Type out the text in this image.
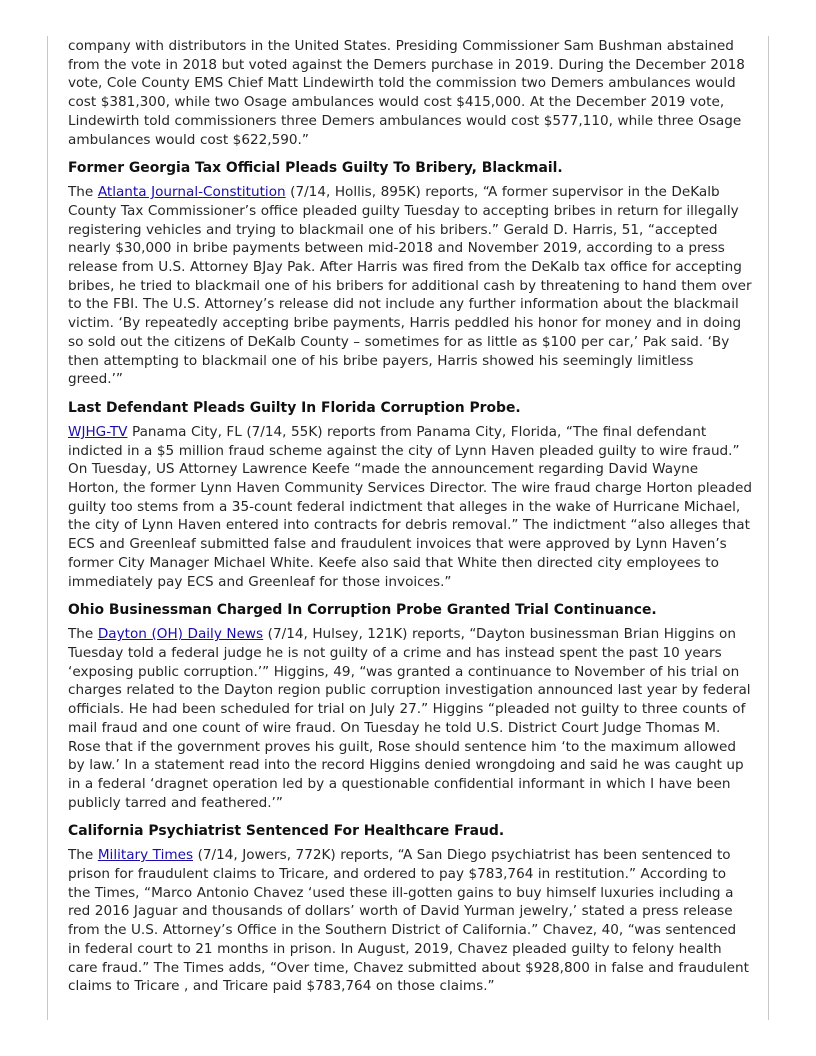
company with distributors in the United States. Presiding Commissioner Sam Bushman abstained from the vote in 2018 but voted against the Demers purchase in 2019. During the December 2018 vote, Cole County EMS Chief Matt Lindewirth told the commission two Demers ambulances would cost $381,300, while two Osage ambulances would cost $415,000. At the December 2019 vote, Lindewirth told commissioners three Demers ambulances would cost $577,110, while three Osage ambulances would cost $622,590.”

Former Georgia Tax Official Pleads Guilty To Bribery, Blackmail.

The Atlanta Journal-Constitution (7/14, Hollis, 895K) reports, “A former supervisor in the DeKalb County Tax Commissioner’s office pleaded guilty Tuesday to accepting bribes in return for illegally registering vehicles and trying to blackmail one of his bribers.” Gerald D. Harris, 51, “accepted nearly $30,000 in bribe payments between mid-2018 and November 2019, according to a press release from U.S. Attorney BJay Pak. After Harris was fired from the DeKalb tax office for accepting bribes, he tried to blackmail one of his bribers for additional cash by threatening to hand them over to the FBI. The U.S. Attorney’s release did not include any further information about the blackmail victim. ‘By repeatedly accepting bribe payments, Harris peddled his honor for money and in doing so sold out the citizens of DeKalb County – sometimes for as little as $100 per car,’ Pak said. ‘By then attempting to blackmail one of his bribe payers, Harris showed his seemingly limitless greed.’”

Last Defendant Pleads Guilty In Florida Corruption Probe.

WJHG-TV Panama City, FL (7/14, 55K) reports from Panama City, Florida, “The final defendant indicted in a $5 million fraud scheme against the city of Lynn Haven pleaded guilty to wire fraud.” On Tuesday, US Attorney Lawrence Keefe “made the announcement regarding David Wayne Horton, the former Lynn Haven Community Services Director. The wire fraud charge Horton pleaded guilty too stems from a 35-count federal indictment that alleges in the wake of Hurricane Michael, the city of Lynn Haven entered into contracts for debris removal.” The indictment “also alleges that ECS and Greenleaf submitted false and fraudulent invoices that were approved by Lynn Haven’s former City Manager Michael White. Keefe also said that White then directed city employees to immediately pay ECS and Greenleaf for those invoices.”

Ohio Businessman Charged In Corruption Probe Granted Trial Continuance.

The Dayton (OH) Daily News (7/14, Hulsey, 121K) reports, “Dayton businessman Brian Higgins on Tuesday told a federal judge he is not guilty of a crime and has instead spent the past 10 years ‘exposing public corruption.’” Higgins, 49, “was granted a continuance to November of his trial on charges related to the Dayton region public corruption investigation announced last year by federal officials. He had been scheduled for trial on July 27.” Higgins “pleaded not guilty to three counts of mail fraud and one count of wire fraud. On Tuesday he told U.S. District Court Judge Thomas M. Rose that if the government proves his guilt, Rose should sentence him ‘to the maximum allowed by law.’ In a statement read into the record Higgins denied wrongdoing and said he was caught up in a federal ‘dragnet operation led by a questionable confidential informant in which I have been publicly tarred and feathered.’”

California Psychiatrist Sentenced For Healthcare Fraud.

The Military Times (7/14, Jowers, 772K) reports, “A San Diego psychiatrist has been sentenced to prison for fraudulent claims to Tricare, and ordered to pay $783,764 in restitution.” According to the Times, “Marco Antonio Chavez ‘used these ill-gotten gains to buy himself luxuries including a red 2016 Jaguar and thousands of dollars’ worth of David Yurman jewelry,’ stated a press release from the U.S. Attorney’s Office in the Southern District of California.” Chavez, 40, “was sentenced in federal court to 21 months in prison. In August, 2019, Chavez pleaded guilty to felony health care fraud.” The Times adds, “Over time, Chavez submitted about $928,800 in false and fraudulent claims to Tricare , and Tricare paid $783,764 on those claims.”
